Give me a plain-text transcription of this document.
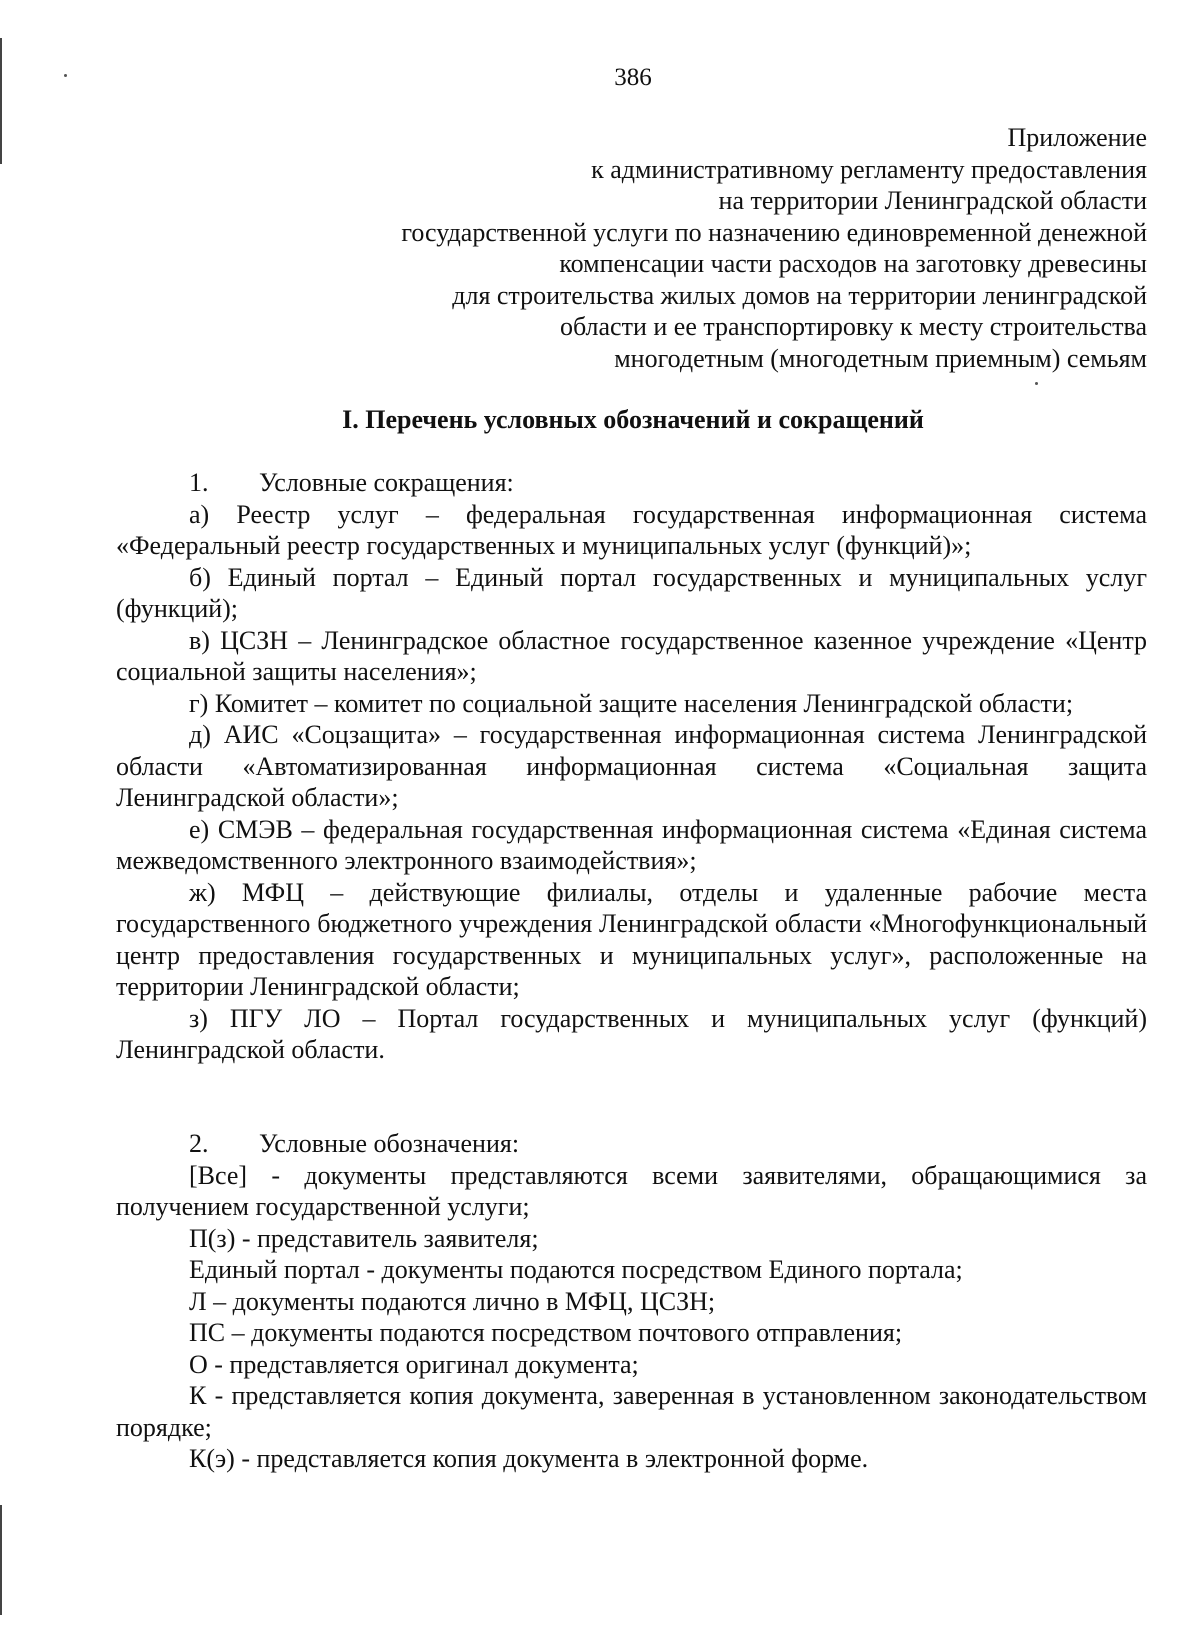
386
Приложение
к административному регламенту предоставления
на территории Ленинградской области
государственной услуги по назначению единовременной денежной
компенсации части расходов на заготовку древесины
для строительства жилых домов на территории ленинградской
области и ее транспортировку к месту строительства
многодетным (многодетным приемным) семьям
I. Перечень условных обозначений и сокращений
1.	Условные сокращения:

а) Реестр услуг – федеральная государственная информационная система «Федеральный реестр государственных и муниципальных услуг (функций)»;

б) Единый портал – Единый портал государственных и муниципальных услуг (функций);

в) ЦСЗН – Ленинградское областное государственное казенное учреждение «Центр социальной защиты населения»;

г) Комитет – комитет по социальной защите населения Ленинградской области;

д) АИС «Соцзащита» – государственная информационная система Ленинградской области «Автоматизированная информационная система «Социальная защита Ленинградской области»;

е) СМЭВ – федеральная государственная информационная система «Единая система межведомственного электронного взаимодействия»;

ж) МФЦ – действующие филиалы, отделы и удаленные рабочие места государственного бюджетного учреждения Ленинградской области «Многофункциональный центр предоставления государственных и муниципальных услуг», расположенные на территории Ленинградской области;

з) ПГУ ЛО – Портал государственных и муниципальных услуг (функций) Ленинградской области.

2.	Условные обозначения:

[Все] - документы представляются всеми заявителями, обращающимися за получением государственной услуги;

П(з) - представитель заявителя;

Единый портал - документы подаются посредством Единого портала;

Л – документы подаются лично в МФЦ, ЦСЗН;

ПС – документы подаются посредством почтового отправления;

О - представляется оригинал документа;

К - представляется копия документа, заверенная в установленном законодательством порядке;

К(э) - представляется копия документа в электронной форме.
